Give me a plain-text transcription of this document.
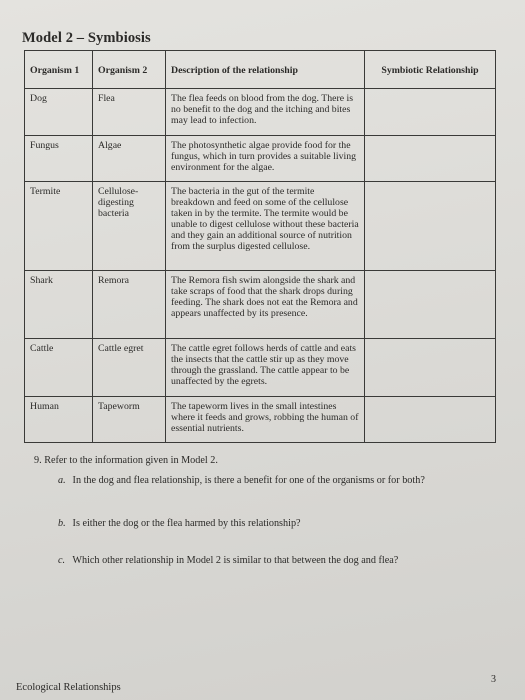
Model 2 – Symbiosis
Organism 1	Organism 2	Description of the relationship	Symbiotic Relationship
Dog	Flea	The flea feeds on blood from the dog. There is no benefit to the dog and the itching and bites may lead to infection.	
Fungus	Algae	The photosynthetic algae provide food for the fungus, which in turn provides a suitable living environment for the algae.	
Termite	Cellulose-digesting bacteria	The bacteria in the gut of the termite breakdown and feed on some of the cellulose taken in by the termite. The termite would be unable to digest cellulose without these bacteria and they gain an additional source of nutrition from the surplus digested cellulose.	
Shark	Remora	The Remora fish swim alongside the shark and take scraps of food that the shark drops during feeding. The shark does not eat the Remora and appears unaffected by its presence.	
Cattle	Cattle egret	The cattle egret follows herds of cattle and eats the insects that the cattle stir up as they move through the grassland. The cattle appear to be unaffected by the egrets.	
Human	Tapeworm	The tapeworm lives in the small intestines where it feeds and grows, robbing the human of essential nutrients.	
9. Refer to the information given in Model 2.
a. In the dog and flea relationship, is there a benefit for one of the organisms or for both?
b. Is either the dog or the flea harmed by this relationship?
c. Which other relationship in Model 2 is similar to that between the dog and flea?
Ecological Relationships
3
